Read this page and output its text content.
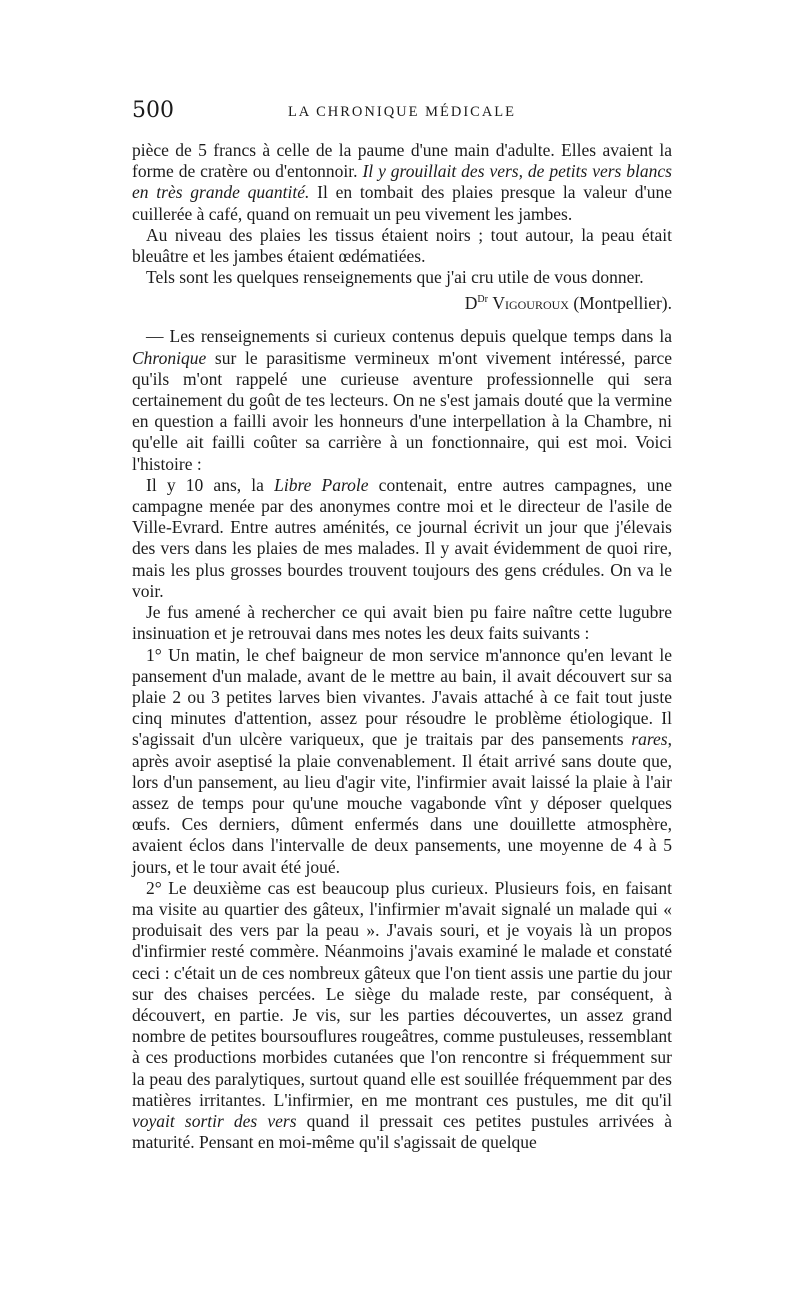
500	LA CHRONIQUE MÉDICALE

pièce de 5 francs à celle de la paume d'une main d'adulte. Elles avaient la forme de cratère ou d'entonnoir. Il y grouillait des vers, de petits vers blancs en très grande quantité. Il en tombait des plaies presque la valeur d'une cuillerée à café, quand on remuait un peu vivement les jambes.

Au niveau des plaies les tissus étaient noirs ; tout autour, la peau était bleuâtre et les jambes étaient œdématiées.

Tels sont les quelques renseignements que j'ai cru utile de vous donner.

$D^{Dr}$ Vigouroux (Montpellier).

— Les renseignements si curieux contenus depuis quelque temps dans la Chronique sur le parasitisme vermineux m'ont vivement intéressé, parce qu'ils m'ont rappelé une curieuse aventure professionnelle qui sera certainement du goût de tes lecteurs. On ne s'est jamais douté que la vermine en question a failli avoir les honneurs d'une interpellation à la Chambre, ni qu'elle ait failli coûter sa carrière à un fonctionnaire, qui est moi. Voici l'histoire :

Il y 10 ans, la Libre Parole contenait, entre autres campagnes, une campagne menée par des anonymes contre moi et le directeur de l'asile de Ville-Evrard. Entre autres aménités, ce journal écrivit un jour que j'élevais des vers dans les plaies de mes malades. Il y avait évidemment de quoi rire, mais les plus grosses bourdes trouvent toujours des gens crédules. On va le voir.

Je fus amené à rechercher ce qui avait bien pu faire naître cette lugubre insinuation et je retrouvai dans mes notes les deux faits suivants :

1° Un matin, le chef baigneur de mon service m'annonce qu'en levant le pansement d'un malade, avant de le mettre au bain, il avait découvert sur sa plaie 2 ou 3 petites larves bien vivantes. J'avais attaché à ce fait tout juste cinq minutes d'attention, assez pour résoudre le problème étiologique. Il s'agissait d'un ulcère variqueux, que je traitais par des pansements rares, après avoir aseptisé la plaie convenablement. Il était arrivé sans doute que, lors d'un pansement, au lieu d'agir vite, l'infirmier avait laissé la plaie à l'air assez de temps pour qu'une mouche vagabonde vînt y déposer quelques œufs. Ces derniers, dûment enfermés dans une douillette atmosphère, avaient éclos dans l'intervalle de deux pansements, une moyenne de 4 à 5 jours, et le tour avait été joué.

2° Le deuxième cas est beaucoup plus curieux. Plusieurs fois, en faisant ma visite au quartier des gâteux, l'infirmier m'avait signalé un malade qui « produisait des vers par la peau ». J'avais souri, et je voyais là un propos d'infirmier resté commère. Néanmoins j'avais examiné le malade et constaté ceci : c'était un de ces nombreux gâteux que l'on tient assis une partie du jour sur des chaises percées. Le siège du malade reste, par conséquent, à découvert, en partie. Je vis, sur les parties découvertes, un assez grand nombre de petites boursouflures rougeâtres, comme pustuleuses, ressemblant à ces productions morbides cutanées que l'on rencontre si fréquemment sur la peau des paralytiques, surtout quand elle est souillée fréquemment par des matières irritantes. L'infirmier, en me montrant ces pustules, me dit qu'il voyait sortir des vers quand il pressait ces petites pustules arrivées à maturité. Pensant en moi-même qu'il s'agissait de quelque
